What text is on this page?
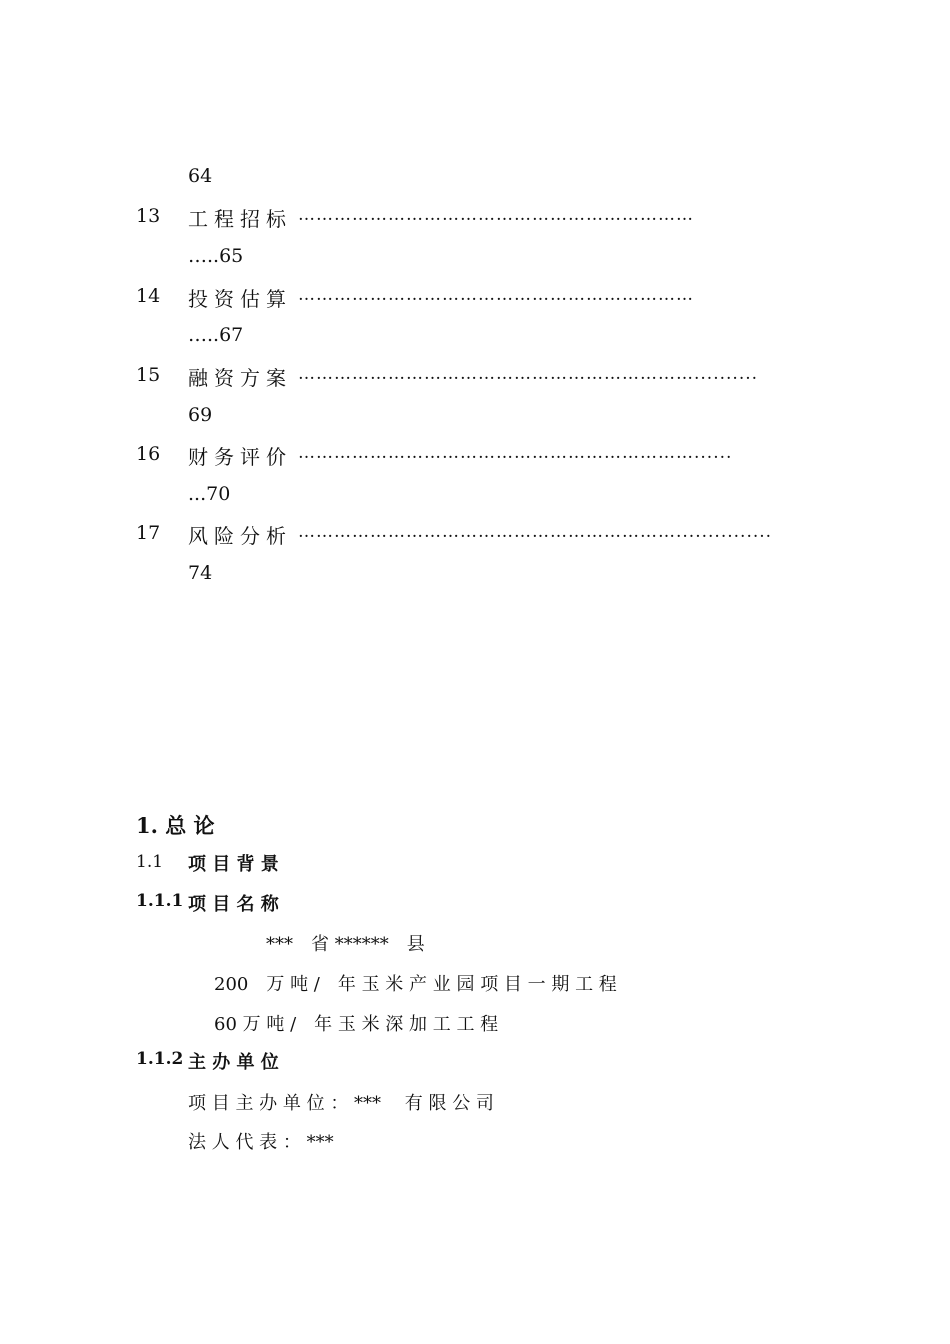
64
13 工程招标 …………………………………………………………
…..65
14 投资估算 …………………………………………………………
…..67
15 融资方案 …………………………………………………………..........
69
16 财务评价 …………………………………………………………......
...70
17 风险分析 ………………………………………………………...............
74
1. 总 论
1.1 项 目 背 景
1.1.1 项 目 名 称
***　省 ******　县
200　万 吨 /　年 玉 米 产 业 园 项 目 一 期 工 程
60 万 吨 /　年 玉 米 深 加 工 工 程
1.1.2 主 办 单 位
项 目 主 办 单 位 ： ***　 有 限 公 司
法 人 代 表 ： ***
